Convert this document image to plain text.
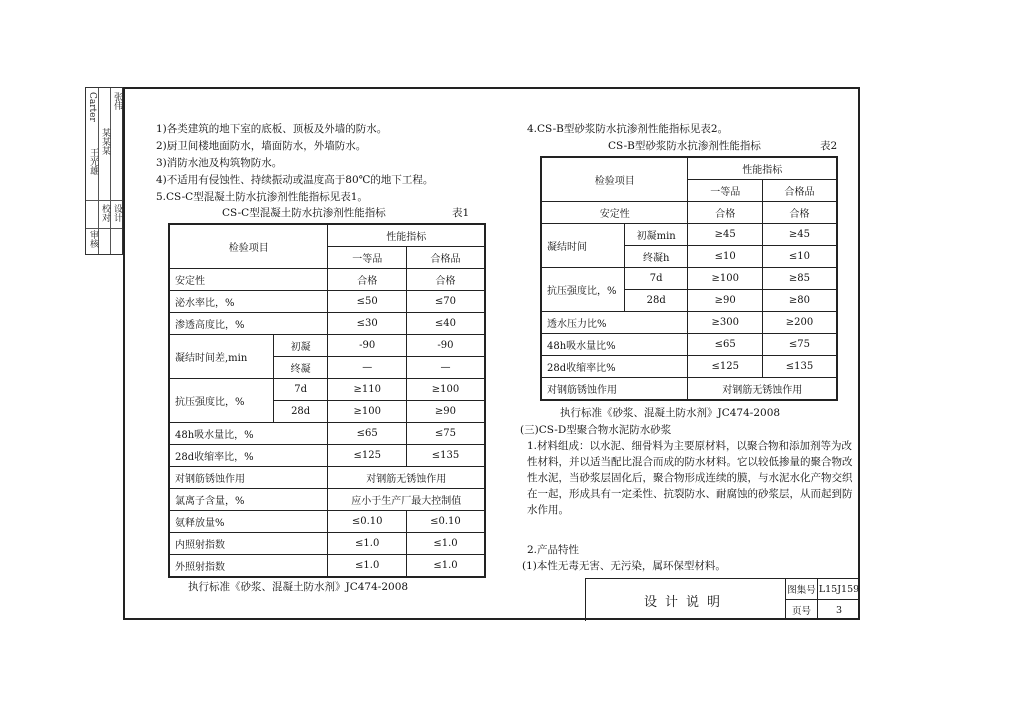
校对
审核
设计
Carter
某某某
张伟
王光雄
1)各类建筑的地下室的底板、顶板及外墙的防水。
2)厨卫间楼地面防水，墙面防水，外墙防水。
3)消防水池及构筑物防水。
4)不适用有侵蚀性、持续振动或温度高于80℃的地下工程。
5.CS-C型混凝土防水抗渗剂性能指标见表1。
CS-C型混凝土防水抗渗剂性能指标	表1
检验项目		性能指标	
		一等品	合格品
安定性		合格	合格
泌水率比，%		≤50	≤70
渗透高度比，%		≤30	≤40
凝结时间差,min	初凝	-90	-90
	终凝	—	—
抗压强度比，%	7d	≥110	≥100
	28d	≥100	≥90
48h吸水量比，%		≤65	≤75
28d收缩率比，%		≤125	≤135
对钢筋锈蚀作用		对钢筋无锈蚀作用	
氯离子含量，%		应小于生产厂最大控制值	
氨释放量%		≤0.10	≤0.10
内照射指数		≤1.0	≤1.0
外照射指数		≤1.0	≤1.0
执行标准《砂浆、混凝土防水剂》JC474-2008
4.CS-B型砂浆防水抗渗剂性能指标见表2。
CS-B型砂浆防水抗渗剂性能指标	表2
检验项目		性能指标	
		一等品	合格品
安定性		合格	合格
凝结时间	初凝min	≥45	≥45
	终凝h	≤10	≤10
抗压强度比，%	7d	≥100	≥85
	28d	≥90	≥80
透水压力比%		≥300	≥200
48h吸水量比%		≤65	≤75
28d收缩率比%		≤125	≤135
对钢筋锈蚀作用		对钢筋无锈蚀作用	
执行标准《砂浆、混凝土防水剂》JC474-2008
(三)CS-D型聚合物水泥防水砂浆
1.材料组成：以水泥、细骨料为主要原材料，以聚合物和添加剂等为改性材料，并以适当配比混合而成的防水材料。它以较低掺量的聚合物改性水泥，当砂浆层固化后，聚合物形成连续的膜，与水泥水化产物交织在一起，形成具有一定柔性、抗裂防水、耐腐蚀的砂浆层，从而起到防水作用。
2.产品特性
(1)本性无毒无害、无污染，属环保型材料。
设计说明
图集号 L15J159
页号	3
